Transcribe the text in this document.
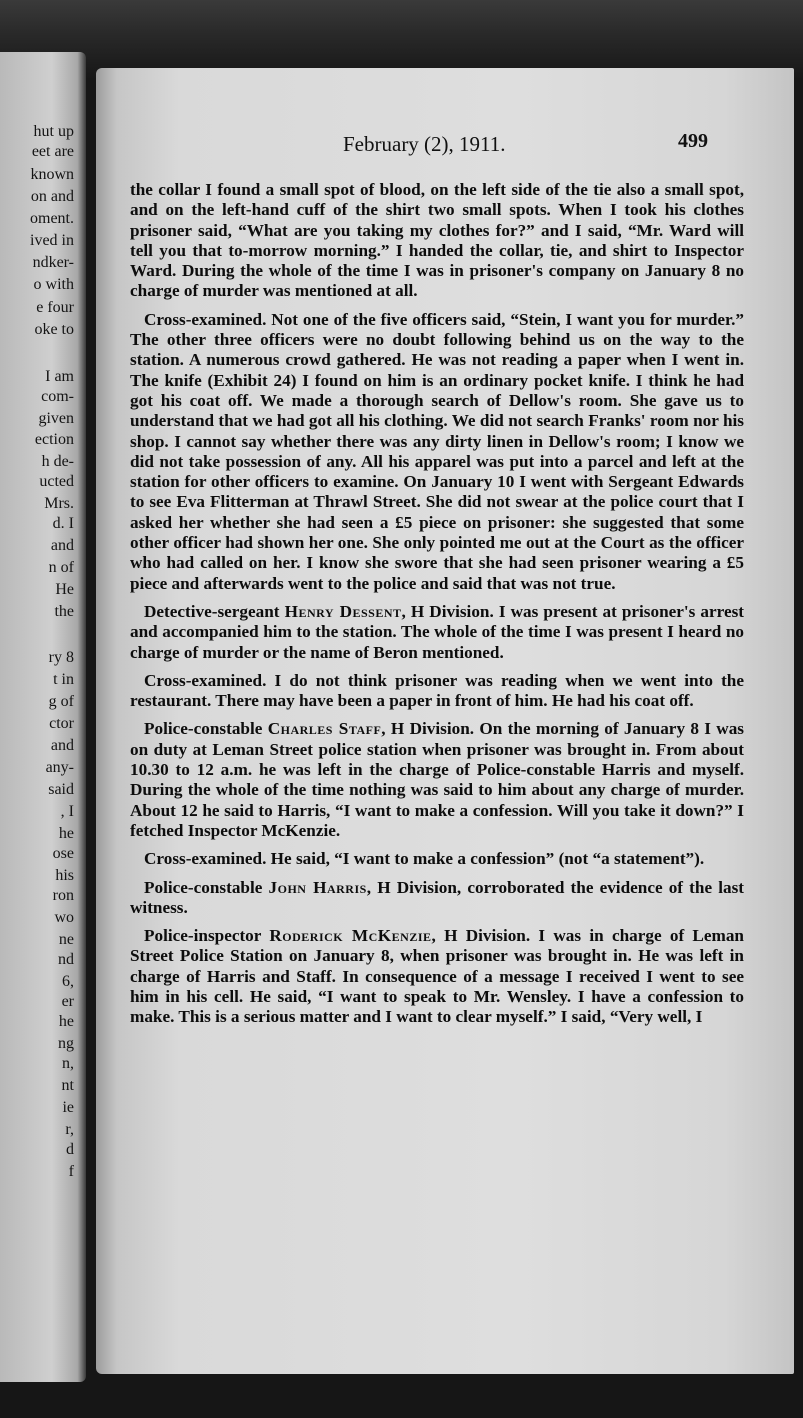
hut up
eet are
known
on and
oment.
ived in
ndker-
o with
e four
oke to
I am
com-
given
ection
h de-
ucted
Mrs.
d. I
and
n of
He
the
ry 8
t in
g of
ctor
and
any-
said
, I
he
ose
his
ron
wo
ne
nd
6,
er
he
ng
n,
nt
ie
r,
d
f
February (2), 1911.	499

the collar I found a small spot of blood, on the left side of the tie also a small spot, and on the left-hand cuff of the shirt two small spots. When I took his clothes prisoner said, “What are you taking my clothes for?” and I said, “Mr. Ward will tell you that to-morrow morning.” I handed the collar, tie, and shirt to Inspector Ward. During the whole of the time I was in prisoner's company on January 8 no charge of murder was mentioned at all.

Cross-examined. Not one of the five officers said, “Stein, I want you for murder.” The other three officers were no doubt following behind us on the way to the station. A numerous crowd gathered. He was not reading a paper when I went in. The knife (Exhibit 24) I found on him is an ordinary pocket knife. I think he had got his coat off. We made a thorough search of Dellow's room. She gave us to understand that we had got all his clothing. We did not search Franks' room nor his shop. I cannot say whether there was any dirty linen in Dellow's room; I know we did not take possession of any. All his apparel was put into a parcel and left at the station for other officers to examine. On January 10 I went with Sergeant Edwards to see Eva Flitterman at Thrawl Street. She did not swear at the police court that I asked her whether she had seen a £5 piece on prisoner: she suggested that some other officer had shown her one. She only pointed me out at the Court as the officer who had called on her. I know she swore that she had seen prisoner wearing a £5 piece and afterwards went to the police and said that was not true.

Detective-sergeant Henry Dessent, H Division. I was present at prisoner's arrest and accompanied him to the station. The whole of the time I was present I heard no charge of murder or the name of Beron mentioned.

Cross-examined. I do not think prisoner was reading when we went into the restaurant. There may have been a paper in front of him. He had his coat off.

Police-constable Charles Staff, H Division. On the morning of January 8 I was on duty at Leman Street police station when prisoner was brought in. From about 10.30 to 12 a.m. he was left in the charge of Police-constable Harris and myself. During the whole of the time nothing was said to him about any charge of murder. About 12 he said to Harris, “I want to make a confession. Will you take it down?” I fetched Inspector McKenzie.

Cross-examined. He said, “I want to make a confession” (not “a statement”).

Police-constable John Harris, H Division, corroborated the evidence of the last witness.

Police-inspector Roderick McKenzie, H Division. I was in charge of Leman Street Police Station on January 8, when prisoner was brought in. He was left in charge of Harris and Staff. In consequence of a message I received I went to see him in his cell. He said, “I want to speak to Mr. Wensley. I have a confession to make. This is a serious matter and I want to clear myself.” I said, “Very well, I
